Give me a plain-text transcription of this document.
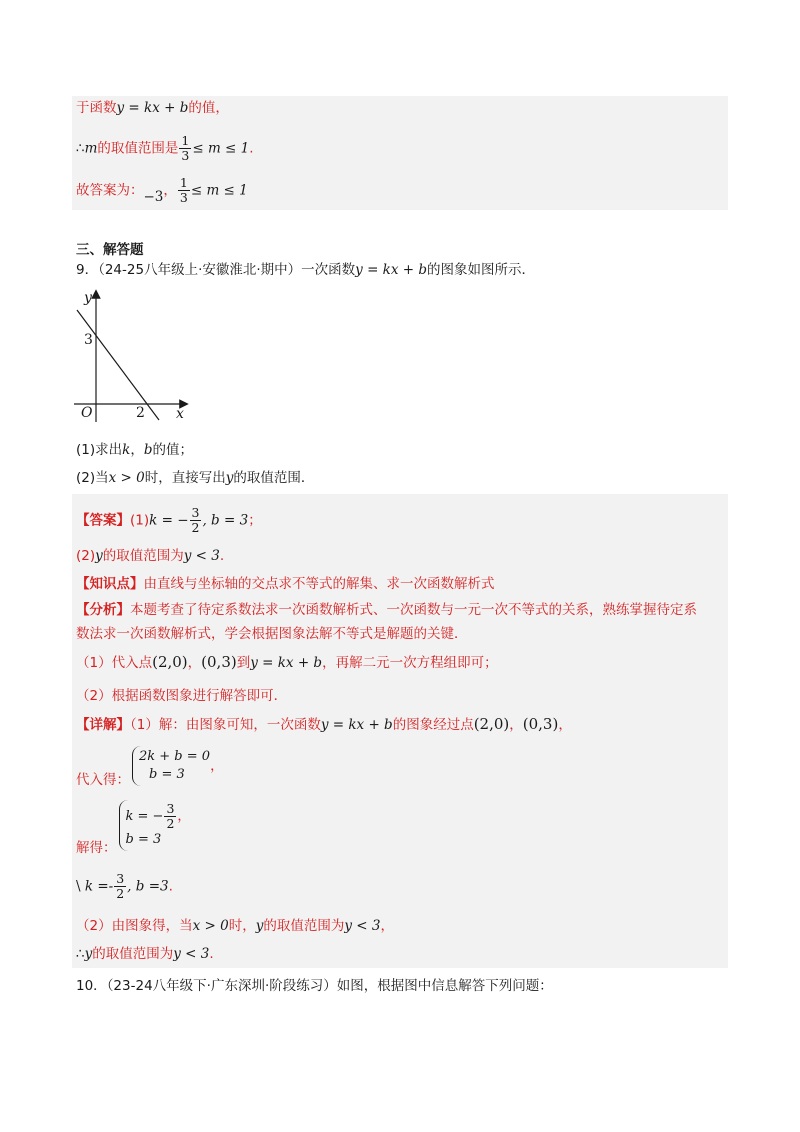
于函数y = kx + b的值，
∴m的取值范围是 $\frac{1}{3} \le m \le 1$.
故答案为：−3， $\frac{1}{3} \le m \le 1$
三、解答题
9．（24-25八年级上·安徽淮北·期中）一次函数y = kx + b的图象如图所示．
y
x
O
3
2
(1)求出k，b的值；
(2)当x > 0时，直接写出y的取值范围．
【答案】(1)k = − $\frac{3}{2}$ , b = 3；
(2)y的取值范围为y < 3.
【知识点】由直线与坐标轴的交点求不等式的解集、求一次函数解析式
【分析】本题考查了待定系数法求一次函数解析式、一次函数与一元一次不等式的关系，熟练掌握待定系
数法求一次函数解析式，学会根据图象法解不等式是解题的关键．
（1）代入点(2,0)，(0,3)到y = kx + b，再解二元一次方程组即可；
（2）根据函数图象进行解答即可．
【详解】（1）解：由图象可知，一次函数y = kx + b的图象经过点(2,0)，(0,3)，
代入得：
2k + b = 0
b = 3
，
解得：
k = − $\frac{3}{2}$ ，
b = 3
\ $k =- \frac{3}{2}$ , b =3.
（2）由图象得，当x > 0时，y的取值范围为y < 3，
∴y的取值范围为y < 3.
10．（23-24八年级下·广东深圳·阶段练习）如图，根据图中信息解答下列问题：
